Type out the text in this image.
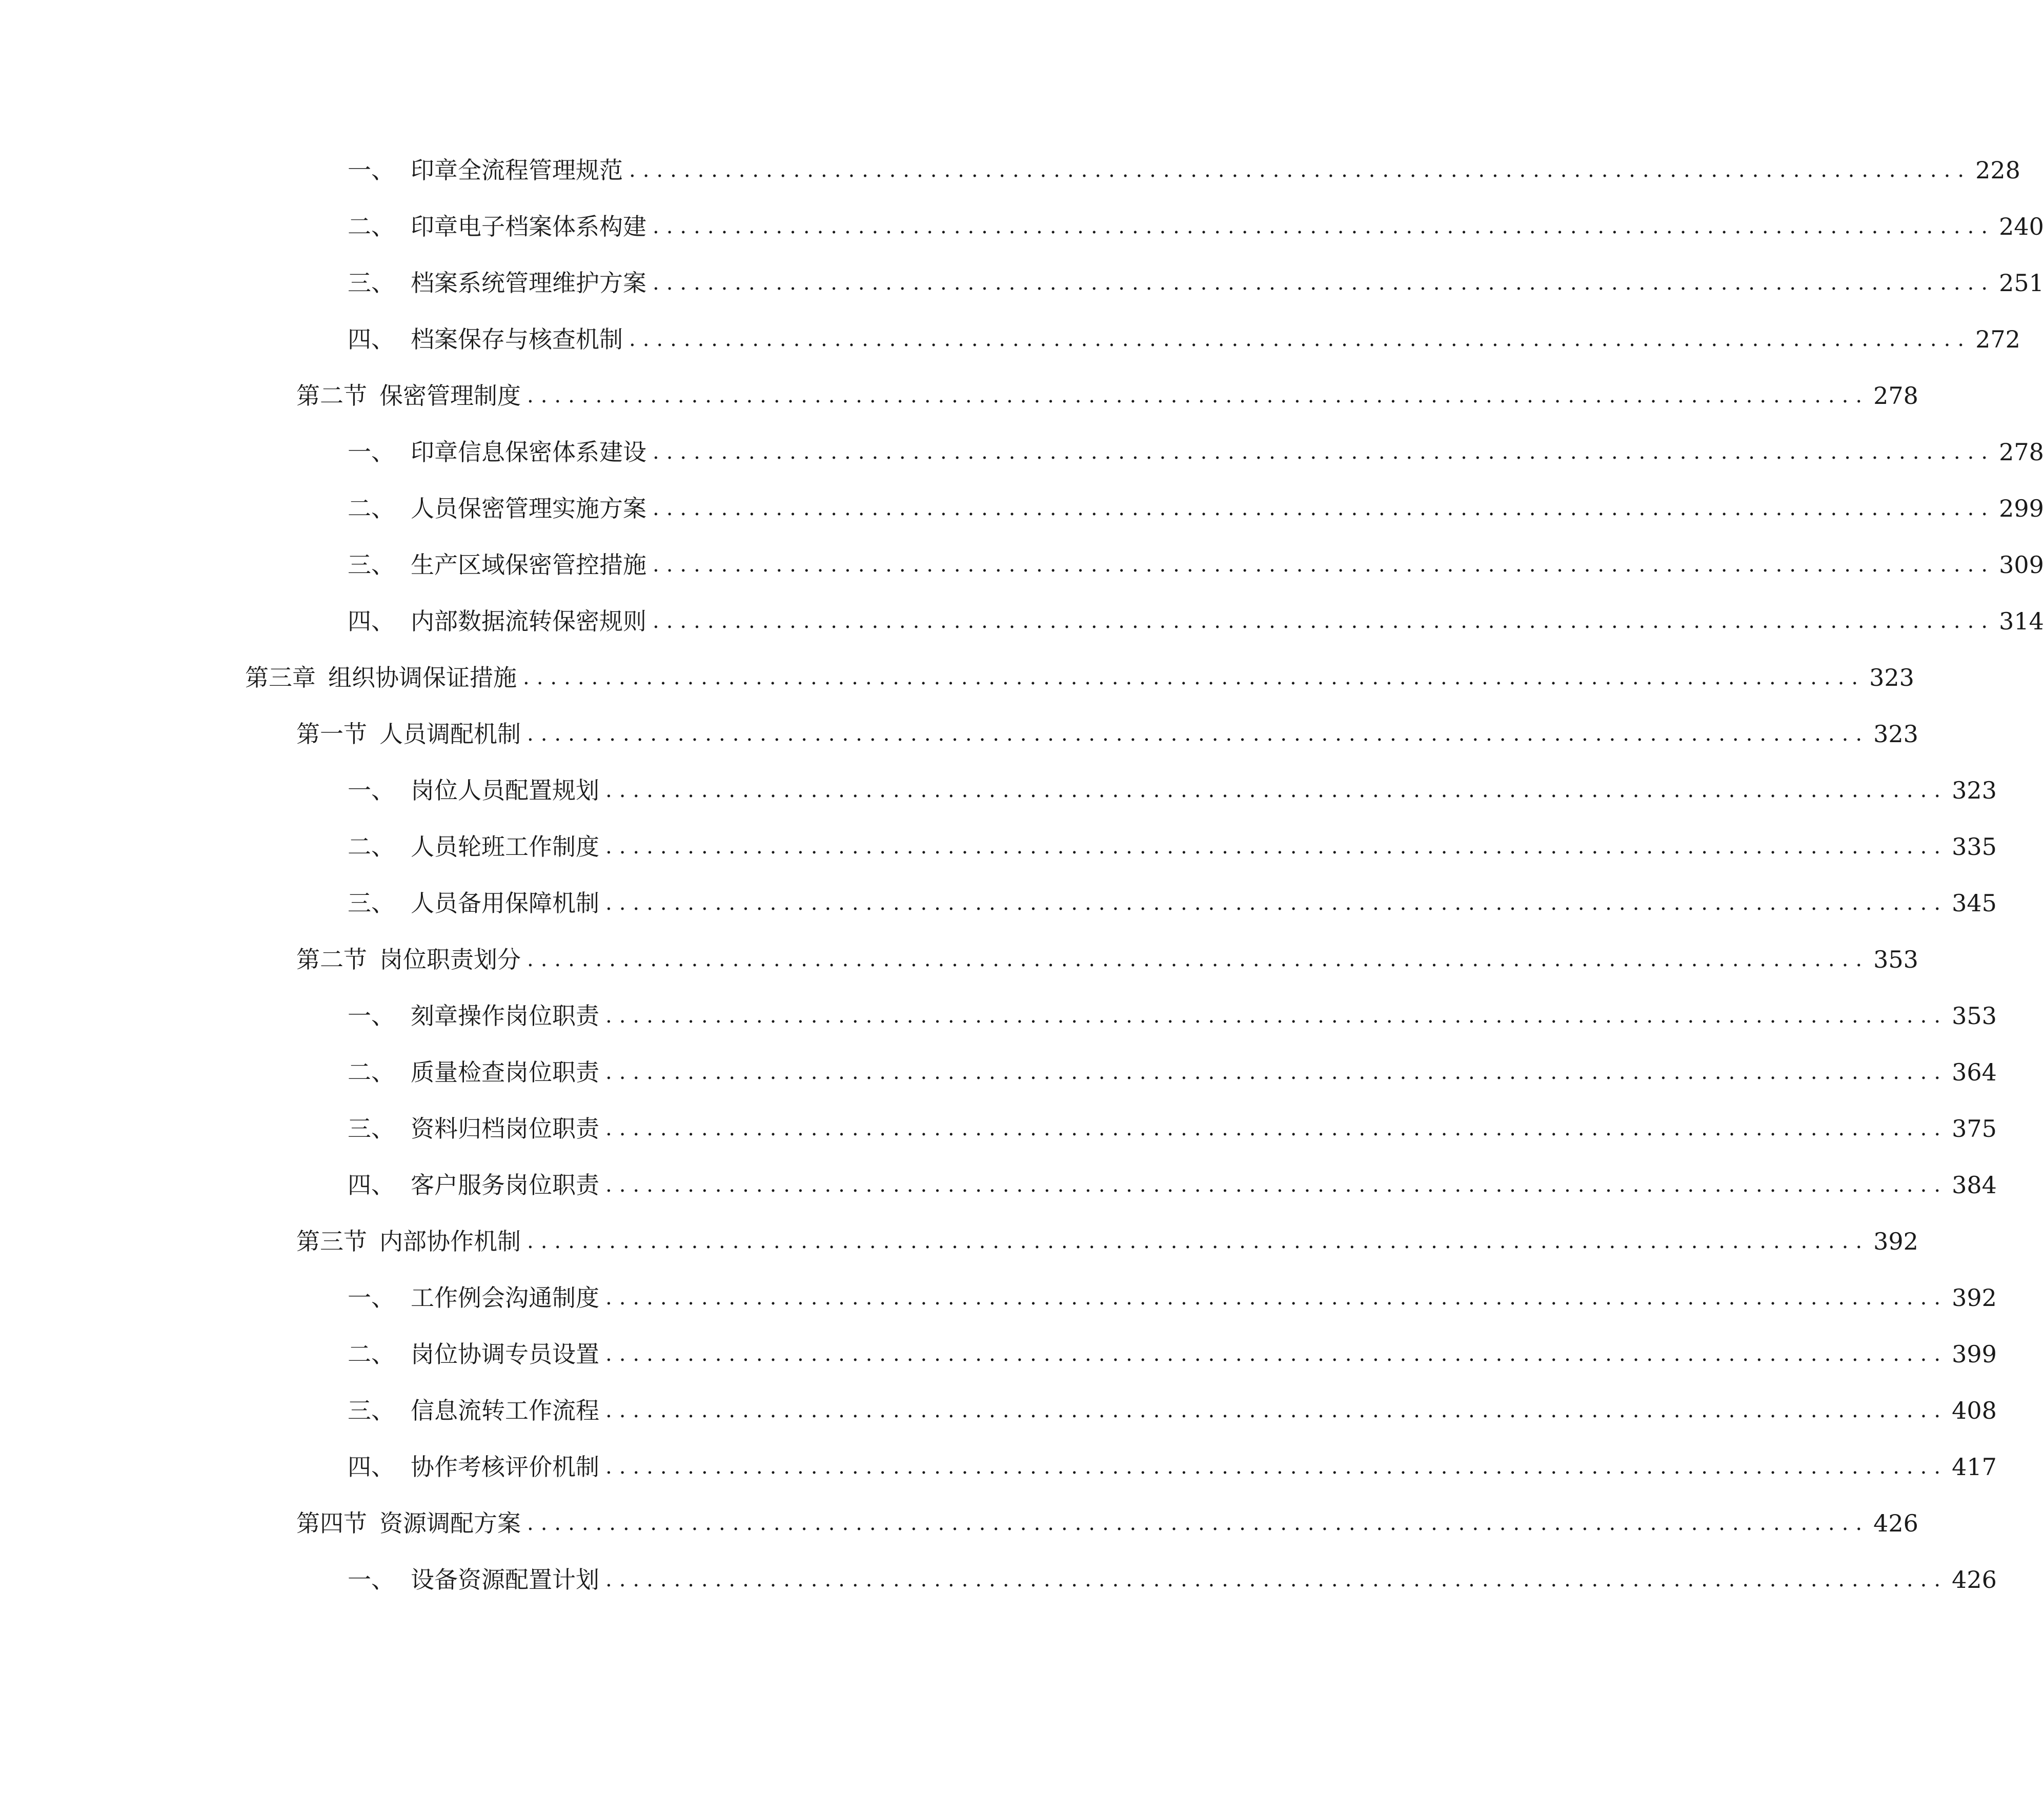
一、 印章全流程管理规范 .................................................................................................. 228
二、 印章电子档案体系构建 .................................................................................................. 240
三、 档案系统管理维护方案 .................................................................................................. 251
四、 档案保存与核查机制 .................................................................................................. 272
第二节 保密管理制度 .................................................................................................. 278
一、 印章信息保密体系建设 .................................................................................................. 278
二、 人员保密管理实施方案 .................................................................................................. 299
三、 生产区域保密管控措施 .................................................................................................. 309
四、 内部数据流转保密规则 .................................................................................................. 314
第三章 组织协调保证措施 .................................................................................................. 323
第一节 人员调配机制 .................................................................................................. 323
一、 岗位人员配置规划 .................................................................................................. 323
二、 人员轮班工作制度 .................................................................................................. 335
三、 人员备用保障机制 .................................................................................................. 345
第二节 岗位职责划分 .................................................................................................. 353
一、 刻章操作岗位职责 .................................................................................................. 353
二、 质量检查岗位职责 .................................................................................................. 364
三、 资料归档岗位职责 .................................................................................................. 375
四、 客户服务岗位职责 .................................................................................................. 384
第三节 内部协作机制 .................................................................................................. 392
一、 工作例会沟通制度 .................................................................................................. 392
二、 岗位协调专员设置 .................................................................................................. 399
三、 信息流转工作流程 .................................................................................................. 408
四、 协作考核评价机制 .................................................................................................. 417
第四节 资源调配方案 .................................................................................................. 426
一、 设备资源配置计划 .................................................................................................. 426
